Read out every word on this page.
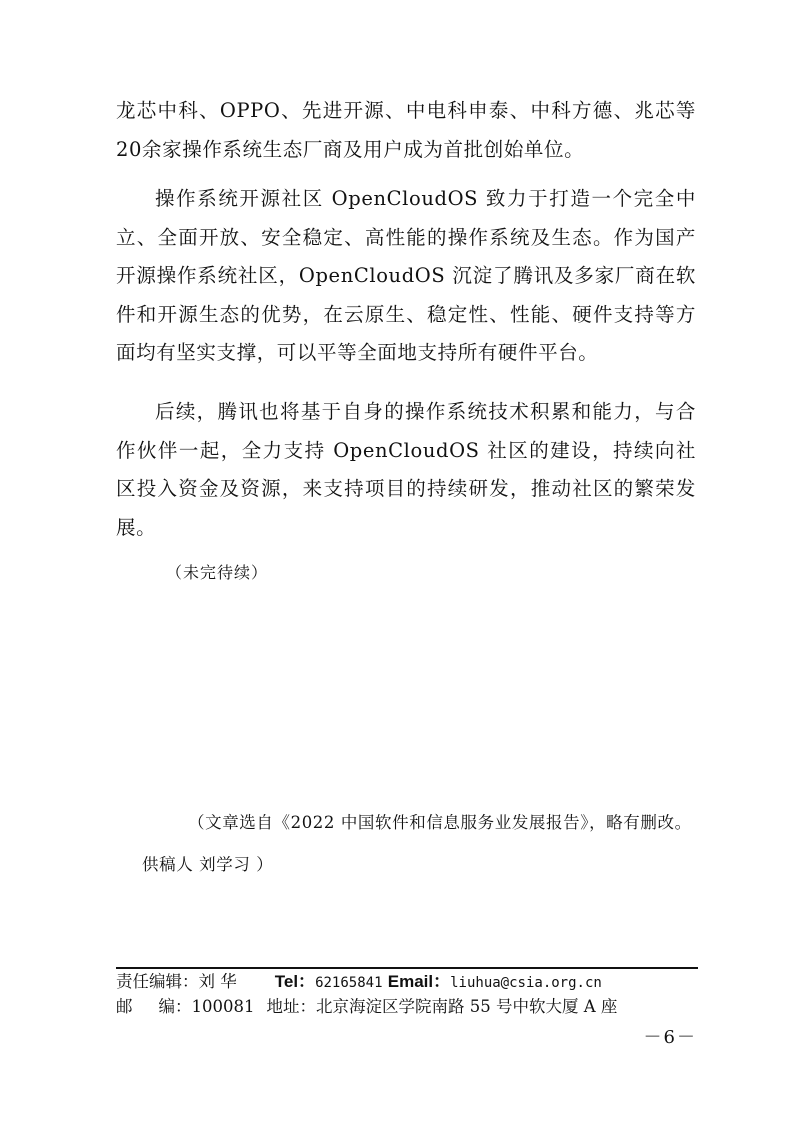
龙芯中科、OPPO、先进开源、中电科申泰、中科方德、兆芯等20余家操作系统生态厂商及用户成为首批创始单位。

操作系统开源社区 OpenCloudOS 致力于打造一个完全中立、全面开放、安全稳定、高性能的操作系统及生态。作为国产开源操作系统社区，OpenCloudOS 沉淀了腾讯及多家厂商在软件和开源生态的优势，在云原生、稳定性、性能、硬件支持等方面均有坚实支撑，可以平等全面地支持所有硬件平台。

后续，腾讯也将基于自身的操作系统技术积累和能力，与合作伙伴一起，全力支持 OpenCloudOS 社区的建设，持续向社区投入资金及资源，来支持项目的持续研发，推动社区的繁荣发展。

（未完待续）
（文章选自《2022 中国软件和信息服务业发展报告》，略有删改。
供稿人 刘学习 ）
责任编辑：刘 华 Tel：62165841 Email：liuhua@csia.org.cn
邮编：100081 地址：北京海淀区学院南路 55 号中软大厦 A 座
－6－
